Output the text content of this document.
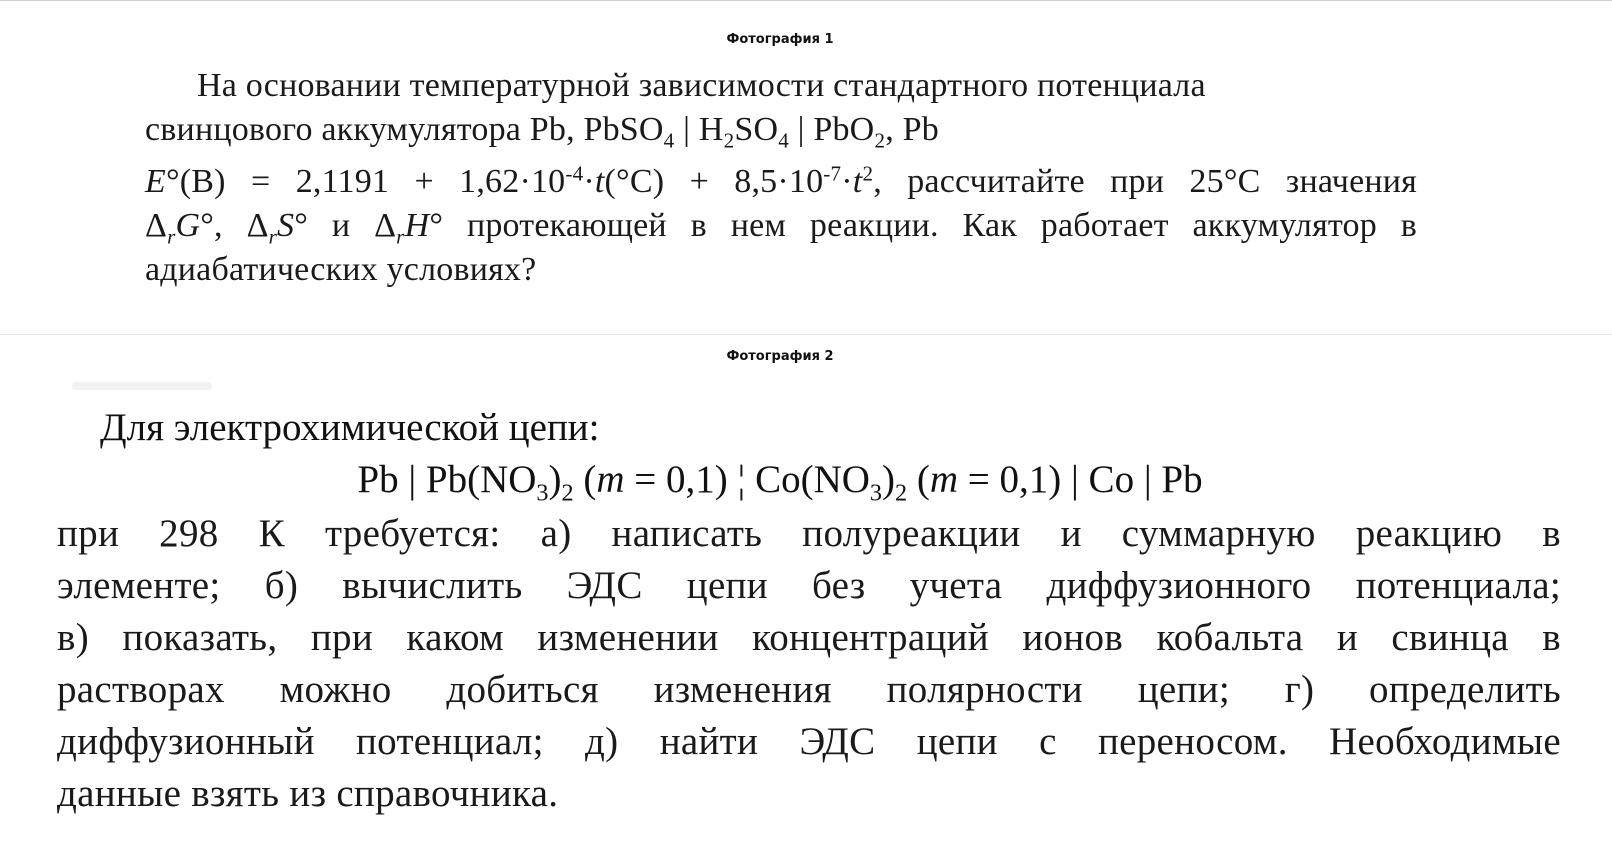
Фотография 1
На основании температурной зависимости стандартного потенциала
свинцового аккумулятора Pb, PbSO$_4$ | $H_2SO_4$ | PbO$_2$, Pb
$E^\circ(B) = 2,1191 + 1,62\cdot 10^{-4}\cdot t(^\circ C) + 8,5\cdot 10^{-7}\cdot t^2$, рассчитайте при 25°С значения
$\Delta_rG^\circ$, $\Delta_rS^\circ$ и $\Delta_rH^\circ$ протекающей в нем реакции. Как работает аккумулятор в
адиабатических условиях?
Фотография 2
Для электрохимической цепи:
Pb | $Pb(NO_3)_2$ (m = 0,1) ¦ $Co(NO_3)_2$ (m = 0,1) | Co | Pb
при 298 К требуется: а) написать полуреакции и суммарную реакцию в
элементе; б) вычислить ЭДС цепи без учета диффузионного потенциала;
в) показать, при каком изменении концентраций ионов кобальта и свинца в
растворах можно добиться изменения полярности цепи; г) определить
диффузионный потенциал; д) найти ЭДС цепи с переносом. Необходимые
данные взять из справочника.
